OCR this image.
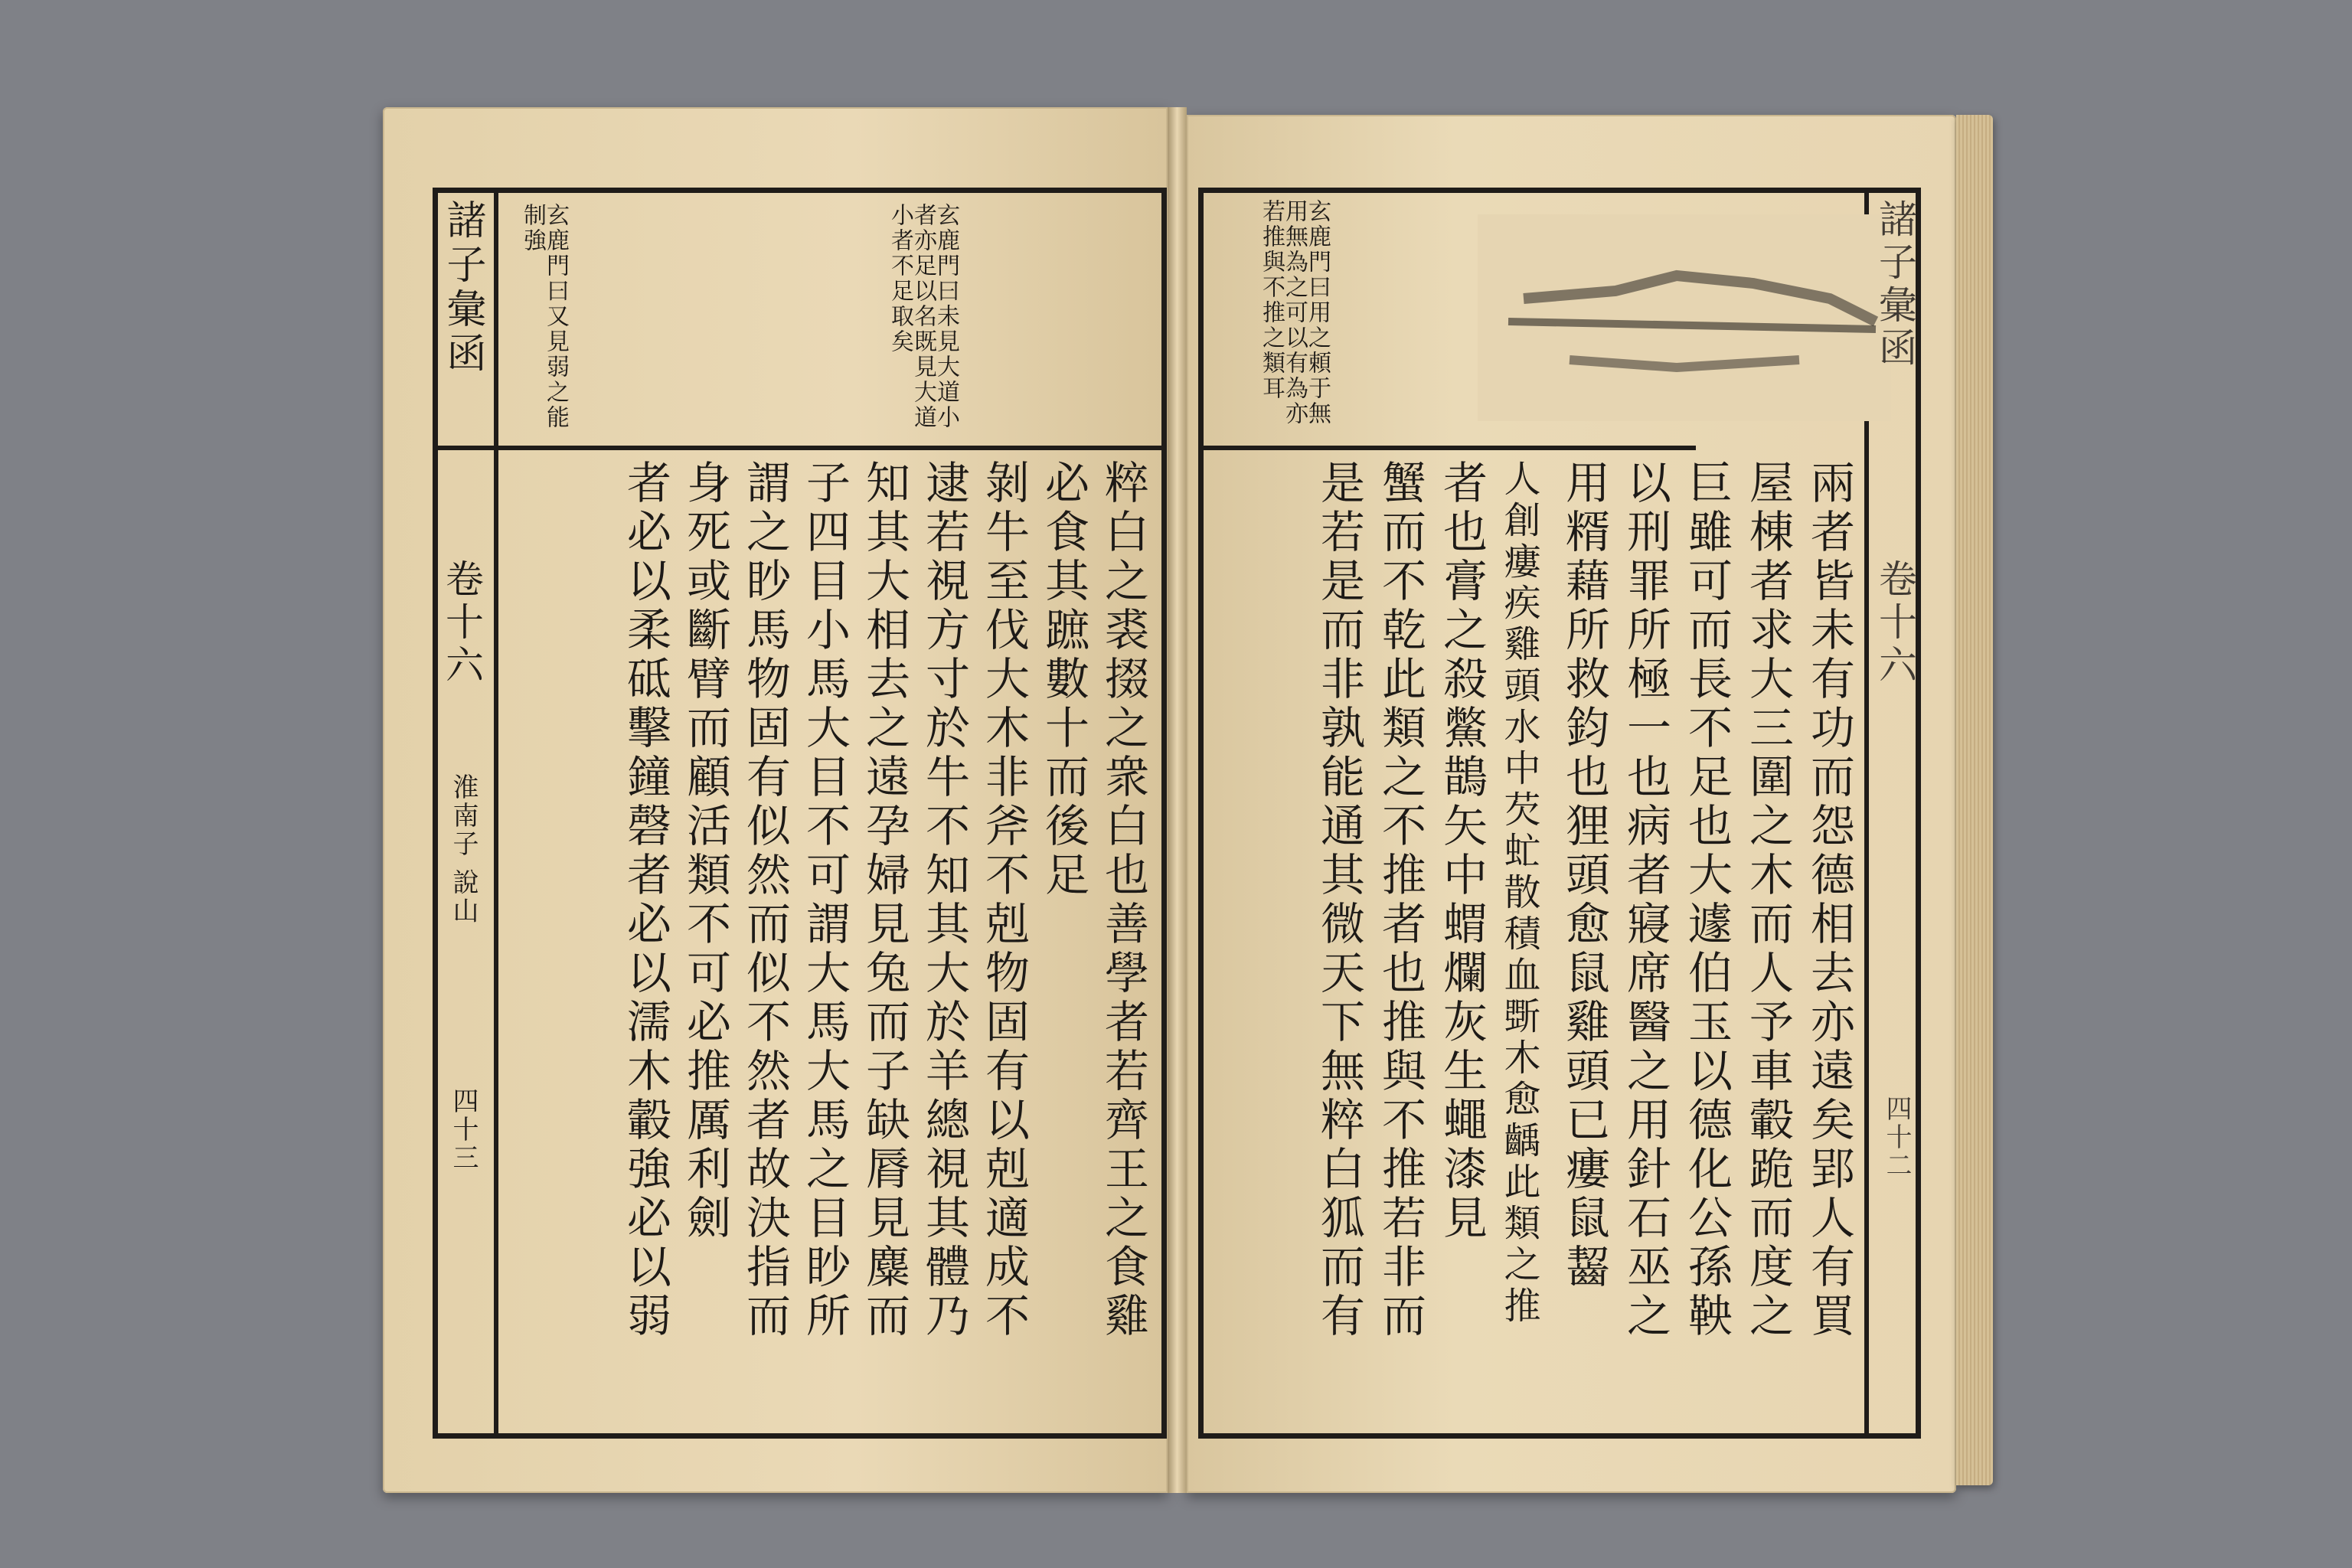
諸子彙函
卷十六
淮南子 說山
四十三
玄鹿門曰未見大道小者亦足以名既見大道小者不足取矣
玄鹿門曰又見弱之能制強
粹白之裘掇之衆白也善學者若齊王之食雞
必食其蹠數十而後足
剝牛至伐大木非斧不剋物固有以剋適成不
逮若視方寸於牛不知其大於羊總視其體乃
知其大相去之遠孕婦見兔而子缺脣見麋而
子四目小馬大目不可謂大馬大馬之目眇所
謂之眇馬物固有似然而似不然者故決指而
身死或斷臂而顧活類不可必推厲利劍
者必以柔砥擊鐘磬者必以濡木轂強必以弱
玄鹿門曰用之頼于無用無為之可以有為亦若推與不推之類耳	諸子彙函
卷十六
四十二
兩者皆未有功而怨德相去亦遠矣郢人有買
屋棟者求大三圍之木而人予車轂跪而度之
巨雖可而長不足也大遽伯玉以德化公孫鞅
以刑罪所極一也病者寢席醫之用針石巫之
用糈藉所救鈞也狸頭愈鼠雞頭已瘻鼠齧
人創瘻疾雞頭水中芡虻散積血斲木愈齲此類之推
者也膏之殺鱉鵲矢中蝟爛灰生蠅漆見
蟹而不乾此類之不推者也推與不推若非而
是若是而非孰能通其微天下無粹白狐而有
